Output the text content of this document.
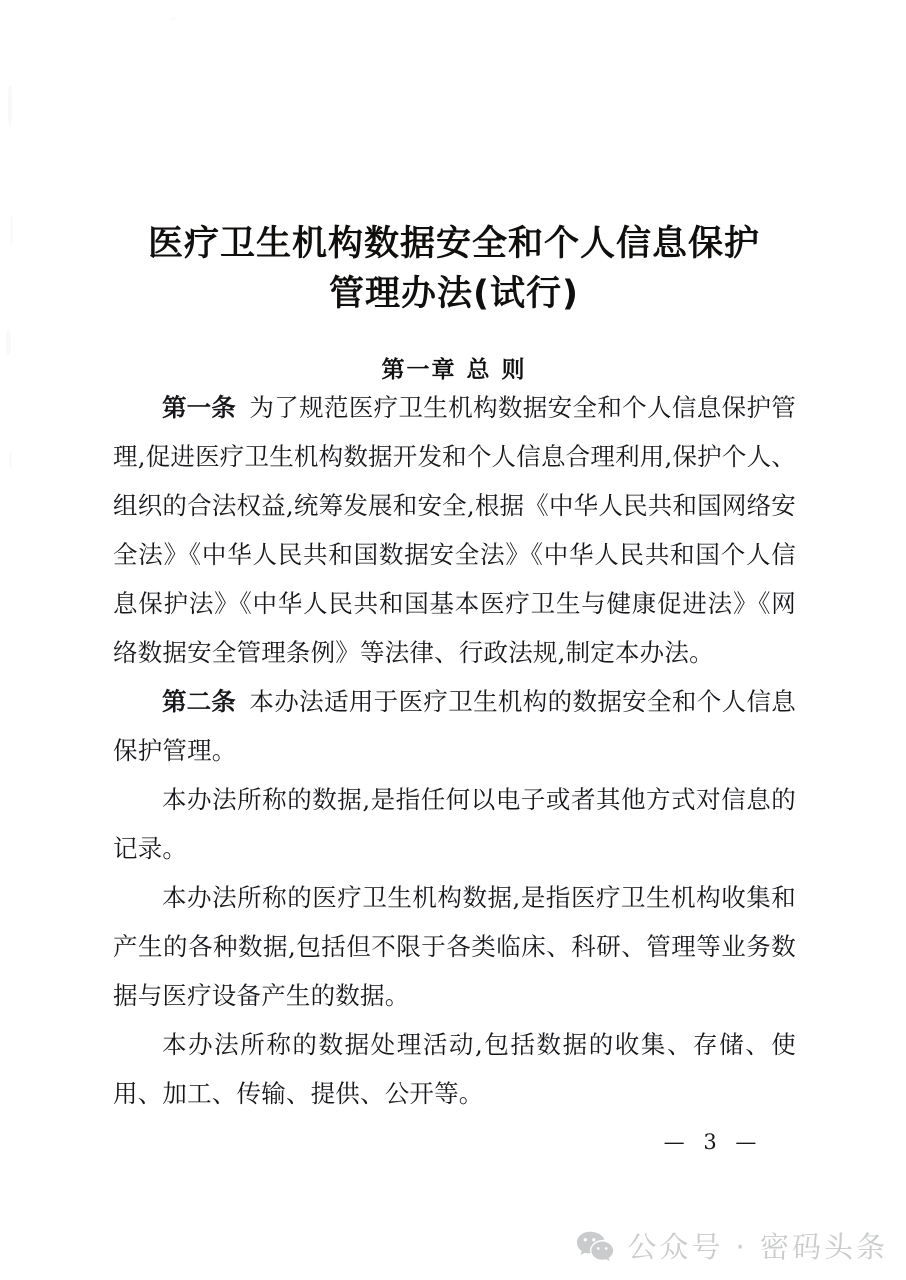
医疗卫生机构数据安全和个人信息保护
管理办法(试行)
第一章 总 则

第一条 为了规范医疗卫生机构数据安全和个人信息保护管理,促进医疗卫生机构数据开发和个人信息合理利用,保护个人、组织的合法权益,统筹发展和安全,根据《中华人民共和国网络安全法》《中华人民共和国数据安全法》《中华人民共和国个人信息保护法》《中华人民共和国基本医疗卫生与健康促进法》《网络数据安全管理条例》等法律、行政法规,制定本办法。

第二条 本办法适用于医疗卫生机构的数据安全和个人信息保护管理。

本办法所称的数据,是指任何以电子或者其他方式对信息的记录。

本办法所称的医疗卫生机构数据,是指医疗卫生机构收集和产生的各种数据,包括但不限于各类临床、科研、管理等业务数据与医疗设备产生的数据。

本办法所称的数据处理活动,包括数据的收集、存储、使用、加工、传输、提供、公开等。

— 3 —
公众号 · 密码头条
